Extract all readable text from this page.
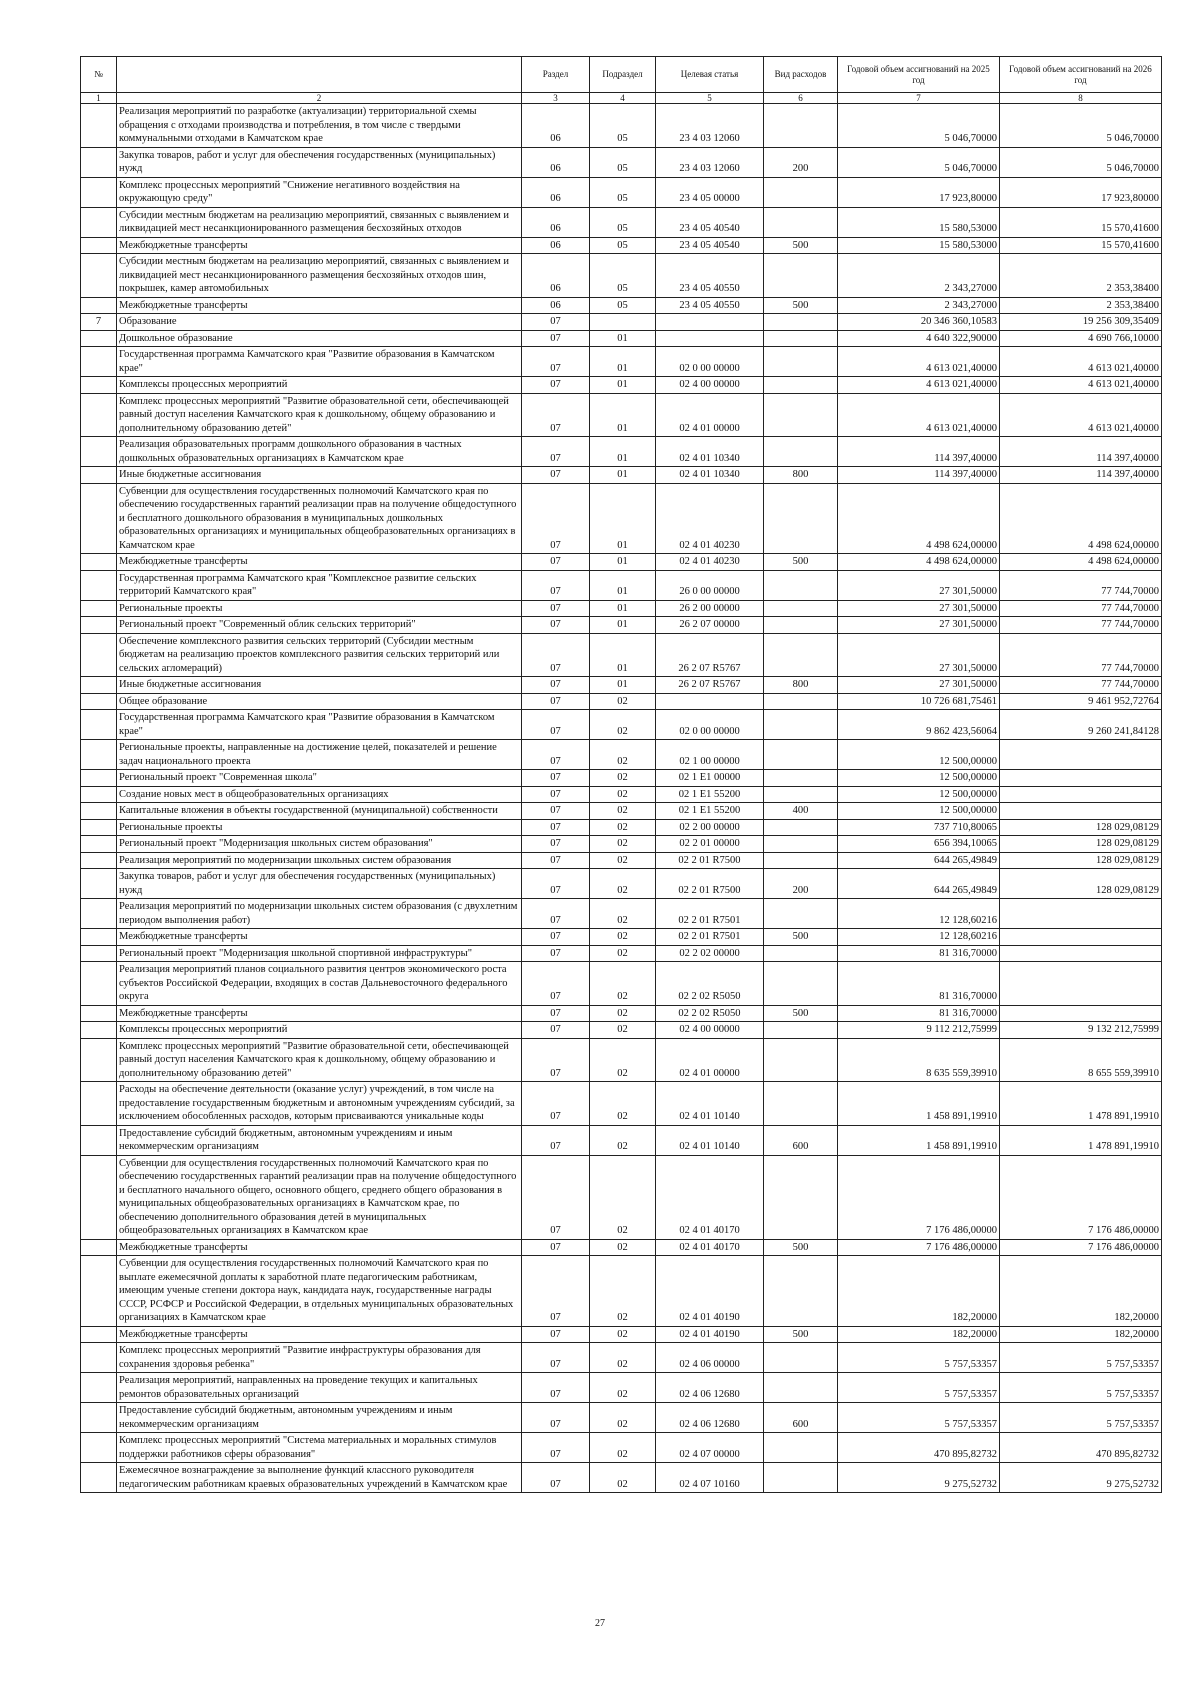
№		Раздел	Подраздел	Целевая статья	Вид расходов	Годовой объем ассигнований на 2025 год	Годовой объем ассигнований на 2026 год
1	2	3	4	5	6	7	8
	Реализация мероприятий по разработке (актуализации) территориальной схемы обращения с отходами производства и потребления, в том числе с твердыми коммунальными отходами в Камчатском крае	06	05	23 4 03 12060		5 046,70000	5 046,70000
	Закупка товаров, работ и услуг для обеспечения государственных (муниципальных) нужд	06	05	23 4 03 12060	200	5 046,70000	5 046,70000
	Комплекс процессных мероприятий "Снижение негативного воздействия на окружающую среду"	06	05	23 4 05 00000		17 923,80000	17 923,80000
	Субсидии местным бюджетам на реализацию мероприятий, связанных с выявлением и ликвидацией мест несанкционированного размещения бесхозяйных отходов	06	05	23 4 05 40540		15 580,53000	15 570,41600
	Межбюджетные трансферты	06	05	23 4 05 40540	500	15 580,53000	15 570,41600
	Субсидии местным бюджетам на реализацию мероприятий, связанных с выявлением и ликвидацией мест несанкционированного размещения бесхозяйных отходов шин, покрышек, камер автомобильных	06	05	23 4 05 40550		2 343,27000	2 353,38400
	Межбюджетные трансферты	06	05	23 4 05 40550	500	2 343,27000	2 353,38400
7	Образование	07				20 346 360,10583	19 256 309,35409
	Дошкольное образование	07	01			4 640 322,90000	4 690 766,10000
	Государственная программа Камчатского края "Развитие образования в Камчатском крае"	07	01	02 0 00 00000		4 613 021,40000	4 613 021,40000
	Комплексы процессных мероприятий	07	01	02 4 00 00000		4 613 021,40000	4 613 021,40000
	Комплекс процессных мероприятий "Развитие образовательной сети, обеспечивающей равный доступ населения Камчатского края к дошкольному, общему образованию и дополнительному образованию детей"	07	01	02 4 01 00000		4 613 021,40000	4 613 021,40000
	Реализация образовательных программ дошкольного образования в частных дошкольных образовательных организациях в Камчатском крае	07	01	02 4 01 10340		114 397,40000	114 397,40000
	Иные бюджетные ассигнования	07	01	02 4 01 10340	800	114 397,40000	114 397,40000
	Субвенции для осуществления государственных полномочий Камчатского края по обеспечению государственных гарантий реализации прав на получение общедоступного и бесплатного дошкольного образования в муниципальных дошкольных образовательных организациях и муниципальных общеобразовательных организациях в Камчатском крае	07	01	02 4 01 40230		4 498 624,00000	4 498 624,00000
	Межбюджетные трансферты	07	01	02 4 01 40230	500	4 498 624,00000	4 498 624,00000
	Государственная программа Камчатского края "Комплексное развитие сельских территорий Камчатского края"	07	01	26 0 00 00000		27 301,50000	77 744,70000
	Региональные проекты	07	01	26 2 00 00000		27 301,50000	77 744,70000
	Региональный проект "Современный облик сельских территорий"	07	01	26 2 07 00000		27 301,50000	77 744,70000
	Обеспечение комплексного развития сельских территорий (Субсидии местным бюджетам на реализацию проектов комплексного развития сельских территорий или сельских агломераций)	07	01	26 2 07 R5767		27 301,50000	77 744,70000
	Иные бюджетные ассигнования	07	01	26 2 07 R5767	800	27 301,50000	77 744,70000
	Общее образование	07	02			10 726 681,75461	9 461 952,72764
	Государственная программа Камчатского края "Развитие образования в Камчатском крае"	07	02	02 0 00 00000		9 862 423,56064	9 260 241,84128
	Региональные проекты, направленные на достижение целей, показателей и решение задач национального проекта	07	02	02 1 00 00000		12 500,00000	
	Региональный проект "Современная школа"	07	02	02 1 E1 00000		12 500,00000	
	Создание новых мест в общеобразовательных организациях	07	02	02 1 E1 55200		12 500,00000	
	Капитальные вложения в объекты государственной (муниципальной) собственности	07	02	02 1 E1 55200	400	12 500,00000	
	Региональные проекты	07	02	02 2 00 00000		737 710,80065	128 029,08129
	Региональный проект "Модернизация школьных систем образования"	07	02	02 2 01 00000		656 394,10065	128 029,08129
	Реализация мероприятий по модернизации школьных систем образования	07	02	02 2 01 R7500		644 265,49849	128 029,08129
	Закупка товаров, работ и услуг для обеспечения государственных (муниципальных) нужд	07	02	02 2 01 R7500	200	644 265,49849	128 029,08129
	Реализация мероприятий по модернизации школьных систем образования (с двухлетним периодом выполнения работ)	07	02	02 2 01 R7501		12 128,60216	
	Межбюджетные трансферты	07	02	02 2 01 R7501	500	12 128,60216	
	Региональный проект "Модернизация школьной спортивной инфраструктуры"	07	02	02 2 02 00000		81 316,70000	
	Реализация мероприятий планов социального развития центров экономического роста субъектов Российской Федерации, входящих в состав Дальневосточного федерального округа	07	02	02 2 02 R5050		81 316,70000	
	Межбюджетные трансферты	07	02	02 2 02 R5050	500	81 316,70000	
	Комплексы процессных мероприятий	07	02	02 4 00 00000		9 112 212,75999	9 132 212,75999
	Комплекс процессных мероприятий "Развитие образовательной сети, обеспечивающей равный доступ населения Камчатского края к дошкольному, общему образованию и дополнительному образованию детей"	07	02	02 4 01 00000		8 635 559,39910	8 655 559,39910
	Расходы на обеспечение деятельности (оказание услуг) учреждений, в том числе на предоставление государственным бюджетным и автономным учреждениям субсидий, за исключением обособленных расходов, которым присваиваются уникальные коды	07	02	02 4 01 10140		1 458 891,19910	1 478 891,19910
	Предоставление субсидий бюджетным, автономным учреждениям и иным некоммерческим организациям	07	02	02 4 01 10140	600	1 458 891,19910	1 478 891,19910
	Субвенции для осуществления государственных полномочий Камчатского края по обеспечению государственных гарантий реализации прав на получение общедоступного и бесплатного начального общего, основного общего, среднего общего образования в муниципальных общеобразовательных организациях в Камчатском крае, по обеспечению дополнительного образования детей в муниципальных общеобразовательных организациях в Камчатском крае	07	02	02 4 01 40170		7 176 486,00000	7 176 486,00000
	Межбюджетные трансферты	07	02	02 4 01 40170	500	7 176 486,00000	7 176 486,00000
	Субвенции для осуществления государственных полномочий Камчатского края по выплате ежемесячной доплаты к заработной плате педагогическим работникам, имеющим ученые степени доктора наук, кандидата наук, государственные награды СССР, РСФСР и Российской Федерации, в отдельных муниципальных образовательных организациях в Камчатском крае	07	02	02 4 01 40190		182,20000	182,20000
	Межбюджетные трансферты	07	02	02 4 01 40190	500	182,20000	182,20000
	Комплекс процессных мероприятий "Развитие инфраструктуры образования для сохранения здоровья ребенка"	07	02	02 4 06 00000		5 757,53357	5 757,53357
	Реализация мероприятий, направленных на проведение текущих и капитальных ремонтов образовательных организаций	07	02	02 4 06 12680		5 757,53357	5 757,53357
	Предоставление субсидий бюджетным, автономным учреждениям и иным некоммерческим организациям	07	02	02 4 06 12680	600	5 757,53357	5 757,53357
	Комплекс процессных мероприятий "Система материальных и моральных стимулов поддержки работников сферы образования"	07	02	02 4 07 00000		470 895,82732	470 895,82732
	Ежемесячное вознаграждение за выполнение функций классного руководителя педагогическим работникам краевых образовательных учреждений в Камчатском крае	07	02	02 4 07 10160		9 275,52732	9 275,52732
27
